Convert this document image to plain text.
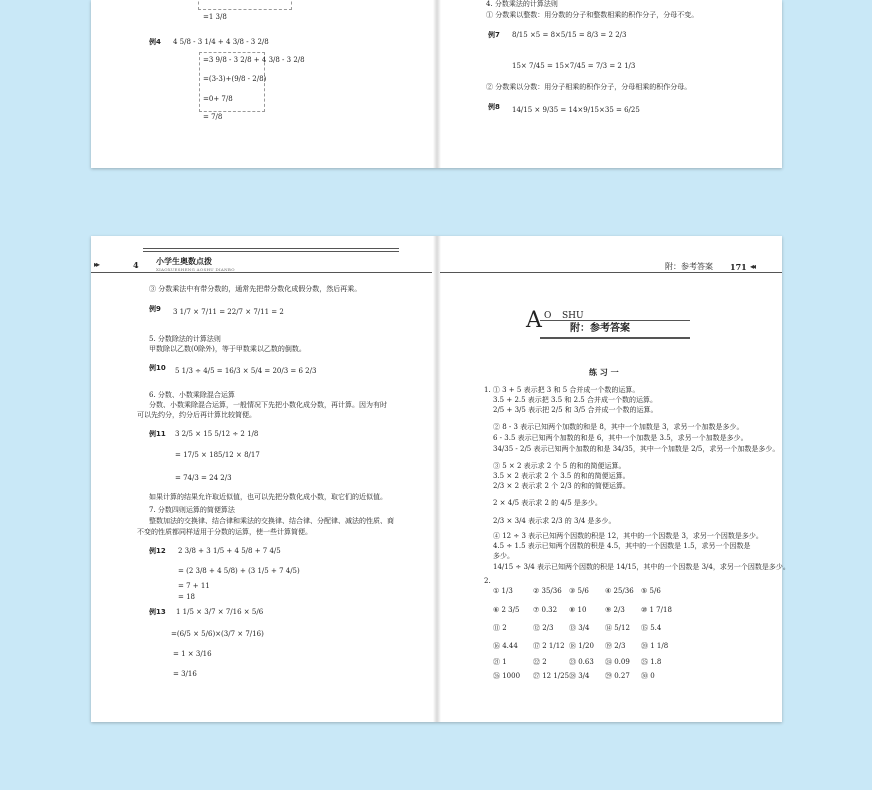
=1 3/8
例4 4 5/8 - 3 1/4 + 4 3/8 - 3 2/8
=3 9/8 - 3 2/8 + 4 3/8 - 3 2/8
=(3-3)+(9/8 - 2/8)
=0+ 7/8
= 7/8
4. 分数乘法的计算法则
① 分数乘以整数：用分数的分子和整数相乘的积作分子，分母不变。
例7 8/15 ×5 = 8×5/15 = 8/3 = 2 2/3
15× 7/45 = 15×7/45 = 7/3 = 2 1/3
② 分数乘以分数：用分子相乘的积作分子，分母相乘的积作分母。
例8 14/15 × 9/35 = 14×9/15×35 = 6/25
▸▸	4 小学生奥数点拨
XIAOXUESHENG AOSHU DIANBO
③ 分数乘法中有带分数的，通常先把带分数化成假分数，然后再乘。
例9 3 1/7 × 7/11 = 22/7 × 7/11 = 2
5. 分数除法的计算法则
甲数除以乙数(0除外)，等于甲数乘以乙数的倒数。
例10 5 1/3 ÷ 4/5 = 16/3 × 5/4 = 20/3 = 6 2/3
6. 分数、小数乘除混合运算
分数、小数乘除混合运算，一般情况下先把小数化成分数，再计算。因为有时
可以先约分，约分后再计算比较简便。
例11 3 2/5 × 15 5/12 ÷ 2 1/8
= 17/5 × 185/12 × 8/17
= 74/3 = 24 2/3
如果计算的结果允许取近似值，也可以先把分数化成小数，取它们的近似值。
7. 分数四则运算的简便算法
整数加法的交换律、结合律和乘法的交换律、结合律、分配律、减法的性质、商
不变的性质都同样适用于分数的运算，使一些计算简便。
例12 2 3/8 + 3 1/5 + 4 5/8 + 7 4/5
= (2 3/8 + 4 5/8) + (3 1/5 + 7 4/5)
= 7 + 11
= 18
例13 1 1/5 × 3/7 × 7/16 × 5/6
=(6/5 × 5/6)×(3/7 × 7/16)
= 1 × 3/16
= 3/16
附：参考答案 171 ◂◂
A O SHU
附：参考答案
练 习 一
1. ① 3 + 5 表示把 3 和 5 合并成一个数的运算。
3.5 + 2.5 表示把 3.5 和 2.5 合并成一个数的运算。
2/5 + 3/5 表示把 2/5 和 3/5 合并成一个数的运算。
② 8 - 3 表示已知两个加数的和是 8，其中一个加数是 3，求另一个加数是多少。
6 - 3.5 表示已知两个加数的和是 6，其中一个加数是 3.5，求另一个加数是多少。
34/35 - 2/5 表示已知两个加数的和是 34/35，其中一个加数是 2/5，求另一个加数是多少。
③ 5 × 2 表示求 2 个 5 的和的简便运算。
3.5 × 2 表示求 2 个 3.5 的和的简便运算。
2/3 × 2 表示求 2 个 2/3 的和的简便运算。
2 × 4/5 表示求 2 的 4/5 是多少。
2/3 × 3/4 表示求 2/3 的 3/4 是多少。
④ 12 ÷ 3 表示已知两个因数的积是 12，其中的一个因数是 3，求另一个因数是多少。
4.5 ÷ 1.5 表示已知两个因数的积是 4.5，其中的一个因数是 1.5，求另一个因数是
多少。
14/15 ÷ 3/4 表示已知两个因数的积是 14/15，其中的一个因数是 3/4，求另一个因数是多少。
2.
① 1/3	② 35/36 ③ 5/6 ④ 25/36 ⑤ 5/6
⑥ 2 3/5 ⑦ 0.32 ⑧ 10	⑨ 2/3 ⑩ 1 7/18
⑪ 2	⑫ 2/3 ⑬ 3/4 ⑭ 5/12 ⑮ 5.4
⑯ 4.44 ⑰ 2 1/12 ⑱ 1/20 ⑲ 2/3 ⑳ 1 1/8
㉑ 1	㉒ 2	㉓ 0.63 ㉔ 0.09 ㉕ 1.8
㉖ 1000 ㉗ 12 1/25 ㉘ 3/4 ㉙ 0.27 ㉚ 0
